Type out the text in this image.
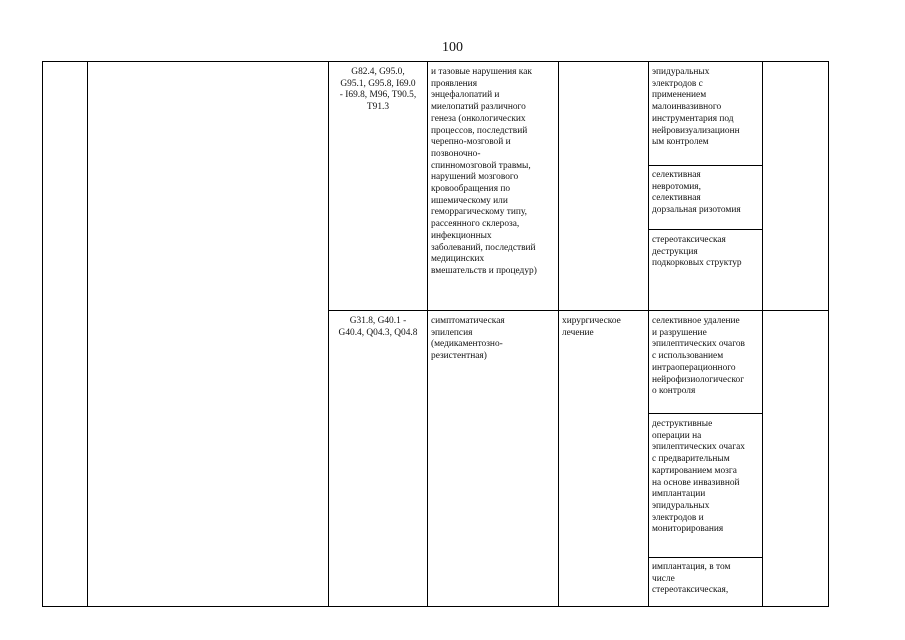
100
G82.4, G95.0,
G95.1, G95.8, I69.0
- I69.8, M96, T90.5,
T91.3
и тазовые нарушения как
проявления
энцефалопатий и
миелопатий различного
генеза (онкологических
процессов, последствий
черепно-мозговой и
позвоночно-
спинномозговой травмы,
нарушений мозгового
кровообращения по
ишемическому или
геморрагическому типу,
рассеянного склероза,
инфекционных
заболеваний, последствий
медицинских
вмешательств и процедур)
эпидуральных
электродов с
применением
малоинвазивного
инструментария под
нейровизуализационн
ым контролем
селективная
невротомия,
селективная
дорзальная ризотомия
стереотаксическая
деструкция
подкорковых структур
G31.8, G40.1 -
G40.4, Q04.3, Q04.8
симптоматическая
эпилепсия
(медикаментозно-
резистентная)
хирургическое
лечение
селективное удаление
и разрушение
эпилептических очагов
с использованием
интраоперационного
нейрофизиологическог
о контроля
деструктивные
операции на
эпилептических очагах
с предварительным
картированием мозга
на основе инвазивной
имплантации
эпидуральных
электродов и
мониторирования
имплантация, в том
числе
стереотаксическая,
